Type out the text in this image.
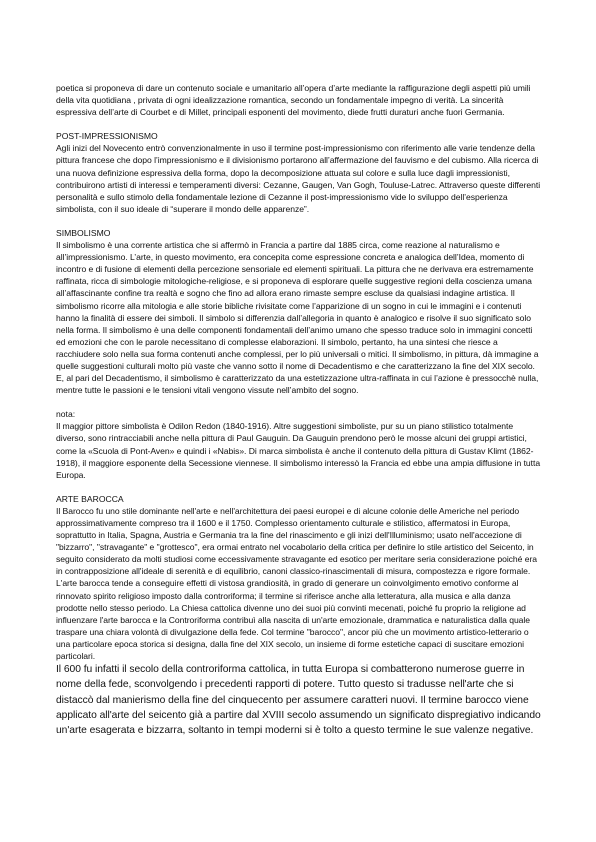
poetica si proponeva di dare un contenuto sociale e umanitario all’opera d’arte mediante la raffigurazione degli aspetti più umili della vita quotidiana , privata di ogni idealizzazione romantica, secondo un fondamentale impegno di verità. La sincerità espressiva dell’arte di Courbet e di Millet, principali esponenti del movimento, diede frutti duraturi anche fuori Germania.

POST-IMPRESSIONISMO

Agli inizi del Novecento entrò convenzionalmente in uso il termine post-impressionismo con riferimento alle varie tendenze della pittura francese che dopo l’impressionismo e il divisionismo portarono all’affermazione del fauvismo e del cubismo. Alla ricerca di una nuova definizione espressiva della forma, dopo la decomposizione attuata sul colore e sulla luce dagli impressionisti, contribuirono artisti di interessi e temperamenti diversi: Cezanne, Gaugen, Van Gogh, Touluse-Latrec. Attraverso queste differenti personalità e sullo stimolo della fondamentale lezione di Cezanne il post-impressionismo vide lo sviluppo dell’esperienza simbolista, con il suo ideale di “superare il mondo delle apparenze”.

SIMBOLISMO

Il simbolismo è una corrente artistica che si affermò in Francia a partire dal 1885 circa, come reazione al naturalismo e all’impressionismo. L’arte, in questo movimento, era concepita come espressione concreta e analogica dell’Idea, momento di incontro e di fusione di elementi della percezione sensoriale ed elementi spirituali. La pittura che ne derivava era estremamente raffinata, ricca di simbologie mitologiche-religiose, e si proponeva di esplorare quelle suggestive regioni della coscienza umana all’affascinante confine tra realtà e sogno che fino ad allora erano rimaste sempre escluse da qualsiasi indagine artistica. Il simbolismo ricorre alla mitologia e alle storie bibliche rivisitate come l’apparizione di un sogno in cui le immagini e i contenuti hanno la finalità di essere dei simboli. Il simbolo si differenzia dall’allegoria in quanto è analogico e risolve il suo significato solo nella forma. Il simbolismo è una delle componenti fondamentali dell’animo umano che spesso traduce solo in immagini concetti ed emozioni che con le parole necessitano di complesse elaborazioni. Il simbolo, pertanto, ha una sintesi che riesce a racchiudere solo nella sua forma contenuti anche complessi, per lo più universali o mitici. Il simbolismo, in pittura, dà immagine a quelle suggestioni culturali molto più vaste che vanno sotto il nome di Decadentismo e che caratterizzano la fine del XIX secolo. E, al pari del Decadentismo, il simbolismo è caratterizzato da una estetizzazione ultra-raffinata in cui l’azione è pressocchè nulla, mentre tutte le passioni e le tensioni vitali vengono vissute nell’ambito del sogno.

nota:

Il maggior pittore simbolista è Odilon Redon (1840-1916). Altre suggestioni simboliste, pur su un piano stilistico totalmente diverso, sono rintracciabili anche nella pittura di Paul Gauguin. Da Gauguin prendono però le mosse alcuni dei gruppi artistici, come la «Scuola di Pont-Aven» e quindi i «Nabis». Di marca simbolista è anche il contenuto della pittura di Gustav Klimt (1862-1918), il maggiore esponente della Secessione viennese. Il simbolismo interessò la Francia ed ebbe una ampia diffusione in tutta Europa.

ARTE BAROCCA

Il Barocco fu uno stile dominante nell'arte e nell'architettura dei paesi europei e di alcune colonie delle Americhe nel periodo approssimativamente compreso tra il 1600 e il 1750. Complesso orientamento culturale e stilistico, affermatosi in Europa, soprattutto in Italia, Spagna, Austria e Germania tra la fine del rinascimento e gli inizi dell'Illuminismo; usato nell'accezione di "bizzarro", "stravagante" e "grottesco", era ormai entrato nel vocabolario della critica per definire lo stile artistico del Seicento, in seguito considerato da molti studiosi come eccessivamente stravagante ed esotico per meritare seria considerazione poiché era in contrapposizione all'ideale di serenità e di equilibrio, canoni classico-rinascimentali di misura, compostezza e rigore formale. L'arte barocca tende a conseguire effetti di vistosa grandiosità, in grado di generare un coinvolgimento emotivo conforme al rinnovato spirito religioso imposto dalla controriforma; il termine si riferisce anche alla letteratura, alla musica e alla danza prodotte nello stesso periodo. La Chiesa cattolica divenne uno dei suoi più convinti mecenati, poiché fu proprio la religione ad influenzare l'arte barocca e la Controriforma contribuì alla nascita di un'arte emozionale, drammatica e naturalistica dalla quale traspare una chiara volontà di divulgazione della fede. Col termine "barocco", ancor più che un movimento artistico-letterario o una particolare epoca storica si designa, dalla fine del XIX secolo, un insieme di forme estetiche capaci di suscitare emozioni particolari.

Il 600 fu infatti il secolo della controriforma cattolica, in tutta Europa si combatterono numerose guerre in nome della fede, sconvolgendo i precedenti rapporti di potere. Tutto questo si tradusse nell'arte che si distaccò dal manierismo della fine del cinquecento per assumere caratteri nuovi. Il termine barocco viene applicato all'arte del seicento già a partire dal XVIII secolo assumendo un significato dispregiativo indicando un'arte esagerata e bizzarra, soltanto in tempi moderni si è tolto a questo termine le sue valenze negative.
